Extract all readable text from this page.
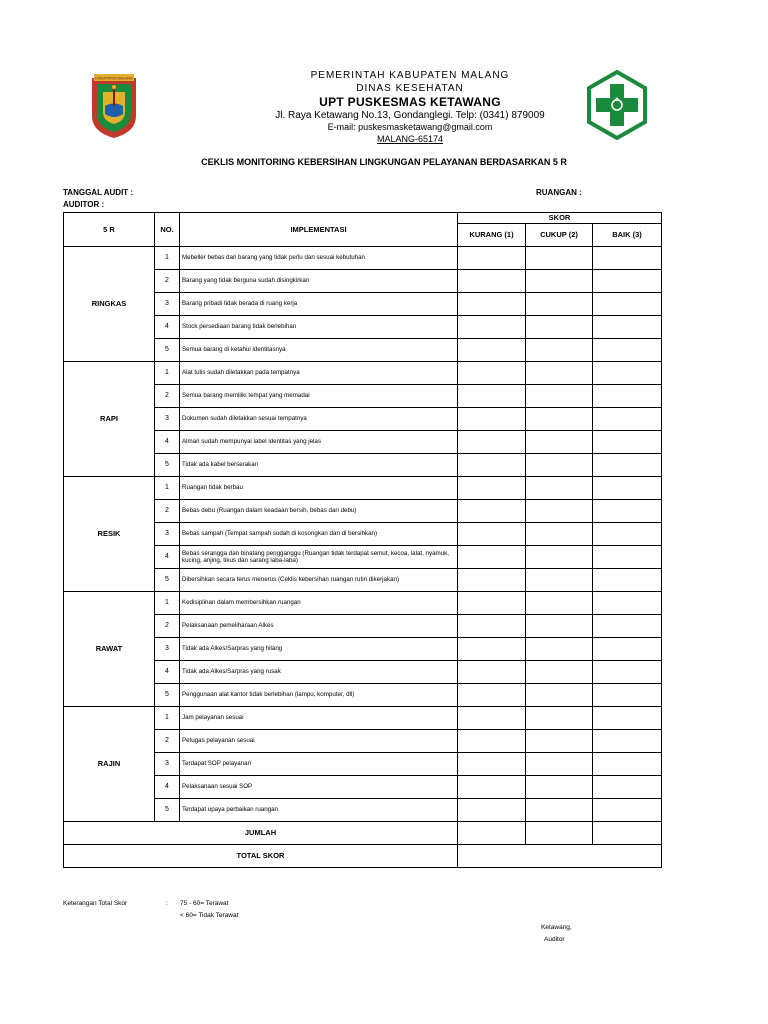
KABUPATEN MALANG	PEMERINTAH KABUPATEN MALANG
DINAS KESEHATAN
UPT PUSKESMAS KETAWANG
Jl. Raya Ketawang No.13, Gondanglegi. Telp: (0341) 879009
E-mail: puskesmasketawang@gmail.com
MALANG-65174
CEKLIS MONITORING KEBERSIHAN LINGKUNGAN PELAYANAN BERDASARKAN 5 R
TANGGAL AUDIT :
AUDITOR :
RUANGAN :
5 R	NO.	IMPLEMENTASI	SKOR		
			KURANG (1)	CUKUP (2)	BAIK (3)
RINGKAS	1	Mebeller bebas dari barang yang tidak perlu dan sesuai kebutuhan			
	2	Barang yang tidak berguna sudah disingkirkan			
	3	Barang pribadi tidak berada di ruang kerja			
	4	Stock persediaan barang tidak berlebihan			
	5	Semua barang di ketahui identitasnya			
RAPI	1	Alat tulis sudah diletakkan pada tempatnya			
	2	Semua barang memiliki tempat yang memadai			
	3	Dokumen sudah diletakkan sesuai tempatnya			
	4	Almari sudah mempunyai label identitas yang jelas			
	5	Tidak ada kabel berserakan			
RESIK	1	Ruangan tidak berbau			
	2	Bebas debu (Ruangan dalam keadaan bersih, bebas dari debu)			
	3	Bebas sampah (Tempat sampah sudah di kosongkan dan di bersihkan)			
	4	Bebas serangga dan binatang pengganggu (Ruangan tidak terdapat semut, kecoa, lalat, nyamuk, kucing, anjing, tikus dan sarang laba-laba)			
	5	Dibersihkan secara terus menerus (Ceklis kebersihan ruangan rutin dikerjakan)			
RAWAT	1	Kedisiplinan dalam membersihkan ruangan			
	2	Pelaksanaan pemeliharaan Alkes			
	3	Tidak ada Alkes/Sarpras yang hilang			
	4	Tidak ada Alkes/Sarpras yang rusak			
	5	Penggunaan alat kantor tidak berlebihan (lampu, komputer, dll)			
RAJIN	1	Jam pelayanan sesuai			
	2	Petugas pelayanan sesuai			
	3	Terdapat SOP pelayanan			
	4	Pelaksanaan sesuai SOP			
	5	Terdapat upaya perbaikan ruangan			
JUMLAH					
TOTAL SKOR					
Keterangan Total Skor	: 75 - 60= Terawat
< 60= Tidak Terawat
Ketawang,
Auditor
